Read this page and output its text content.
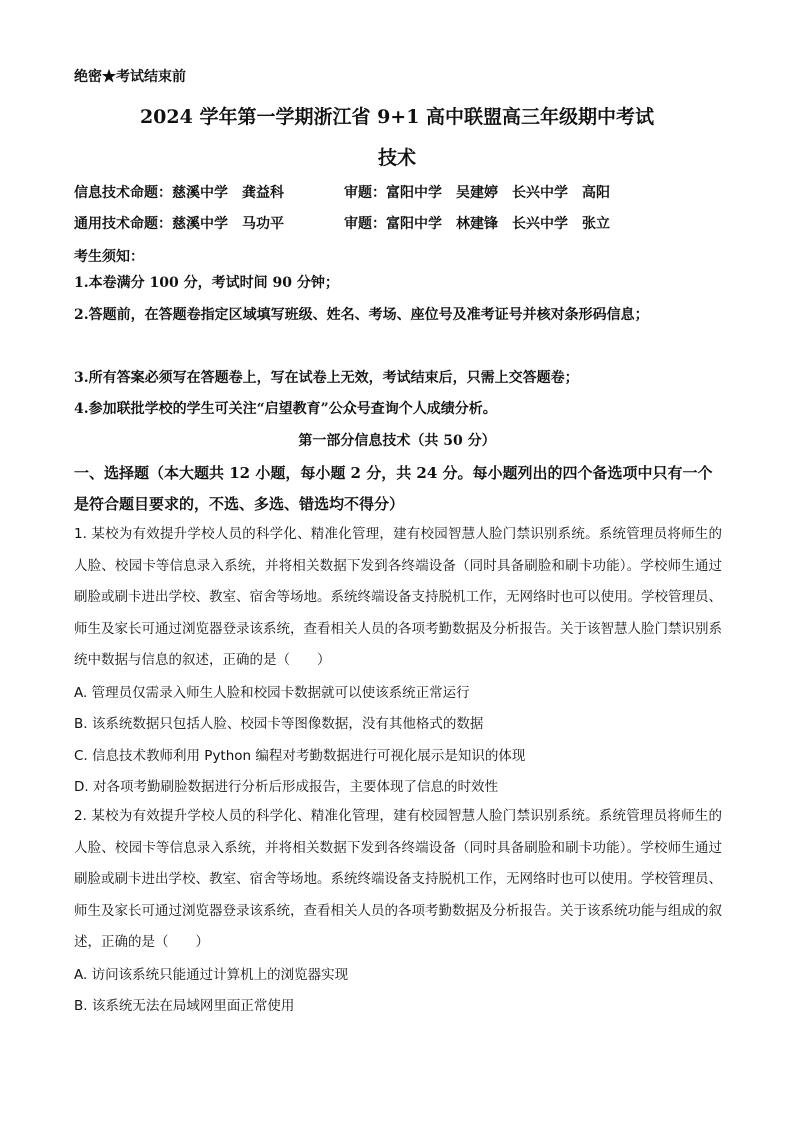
绝密★考试结束前
2024 学年第一学期浙江省 9+1 高中联盟高三年级期中考试
技术
信息技术命题：慈溪中学　龚益科	审题：富阳中学　吴建婷　长兴中学　高阳
通用技术命题：慈溪中学　马功平	审题：富阳中学　林建锋　长兴中学　张立
考生须知：
1.本卷满分 100 分，考试时间 90 分钟；
2.答题前，在答题卷指定区域填写班级、姓名、考场、座位号及准考证号并核对条形码信息；
3.所有答案必须写在答题卷上，写在试卷上无效，考试结束后，只需上交答题卷；
4.参加联批学校的学生可关注“启望教育”公众号查询个人成绩分析。
第一部分信息技术（共 50 分）
一、选择题（本大题共 12 小题，每小题 2 分，共 24 分。每小题列出的四个备选项中只有一个是符合题目要求的，不选、多选、错选均不得分）
1. 某校为有效提升学校人员的科学化、精准化管理，建有校园智慧人脸门禁识别系统。系统管理员将师生的人脸、校园卡等信息录入系统，并将相关数据下发到各终端设备（同时具备刷脸和刷卡功能）。学校师生通过刷脸或刷卡进出学校、教室、宿舍等场地。系统终端设备支持脱机工作，无网络时也可以使用。学校管理员、师生及家长可通过浏览器登录该系统，查看相关人员的各项考勤数据及分析报告。关于该智慧人脸门禁识别系统中数据与信息的叙述，正确的是（　　）
A. 管理员仅需录入师生人脸和校园卡数据就可以使该系统正常运行
B. 该系统数据只包括人脸、校园卡等图像数据，没有其他格式的数据
C. 信息技术教师利用 Python 编程对考勤数据进行可视化展示是知识的体现
D. 对各项考勤刷脸数据进行分析后形成报告，主要体现了信息的时效性
2. 某校为有效提升学校人员的科学化、精准化管理，建有校园智慧人脸门禁识别系统。系统管理员将师生的人脸、校园卡等信息录入系统，并将相关数据下发到各终端设备（同时具备刷脸和刷卡功能）。学校师生通过刷脸或刷卡进出学校、教室、宿舍等场地。系统终端设备支持脱机工作，无网络时也可以使用。学校管理员、师生及家长可通过浏览器登录该系统，查看相关人员的各项考勤数据及分析报告。关于该系统功能与组成的叙述，正确的是（　　）
A. 访问该系统只能通过计算机上的浏览器实现
B. 该系统无法在局域网里面正常使用
